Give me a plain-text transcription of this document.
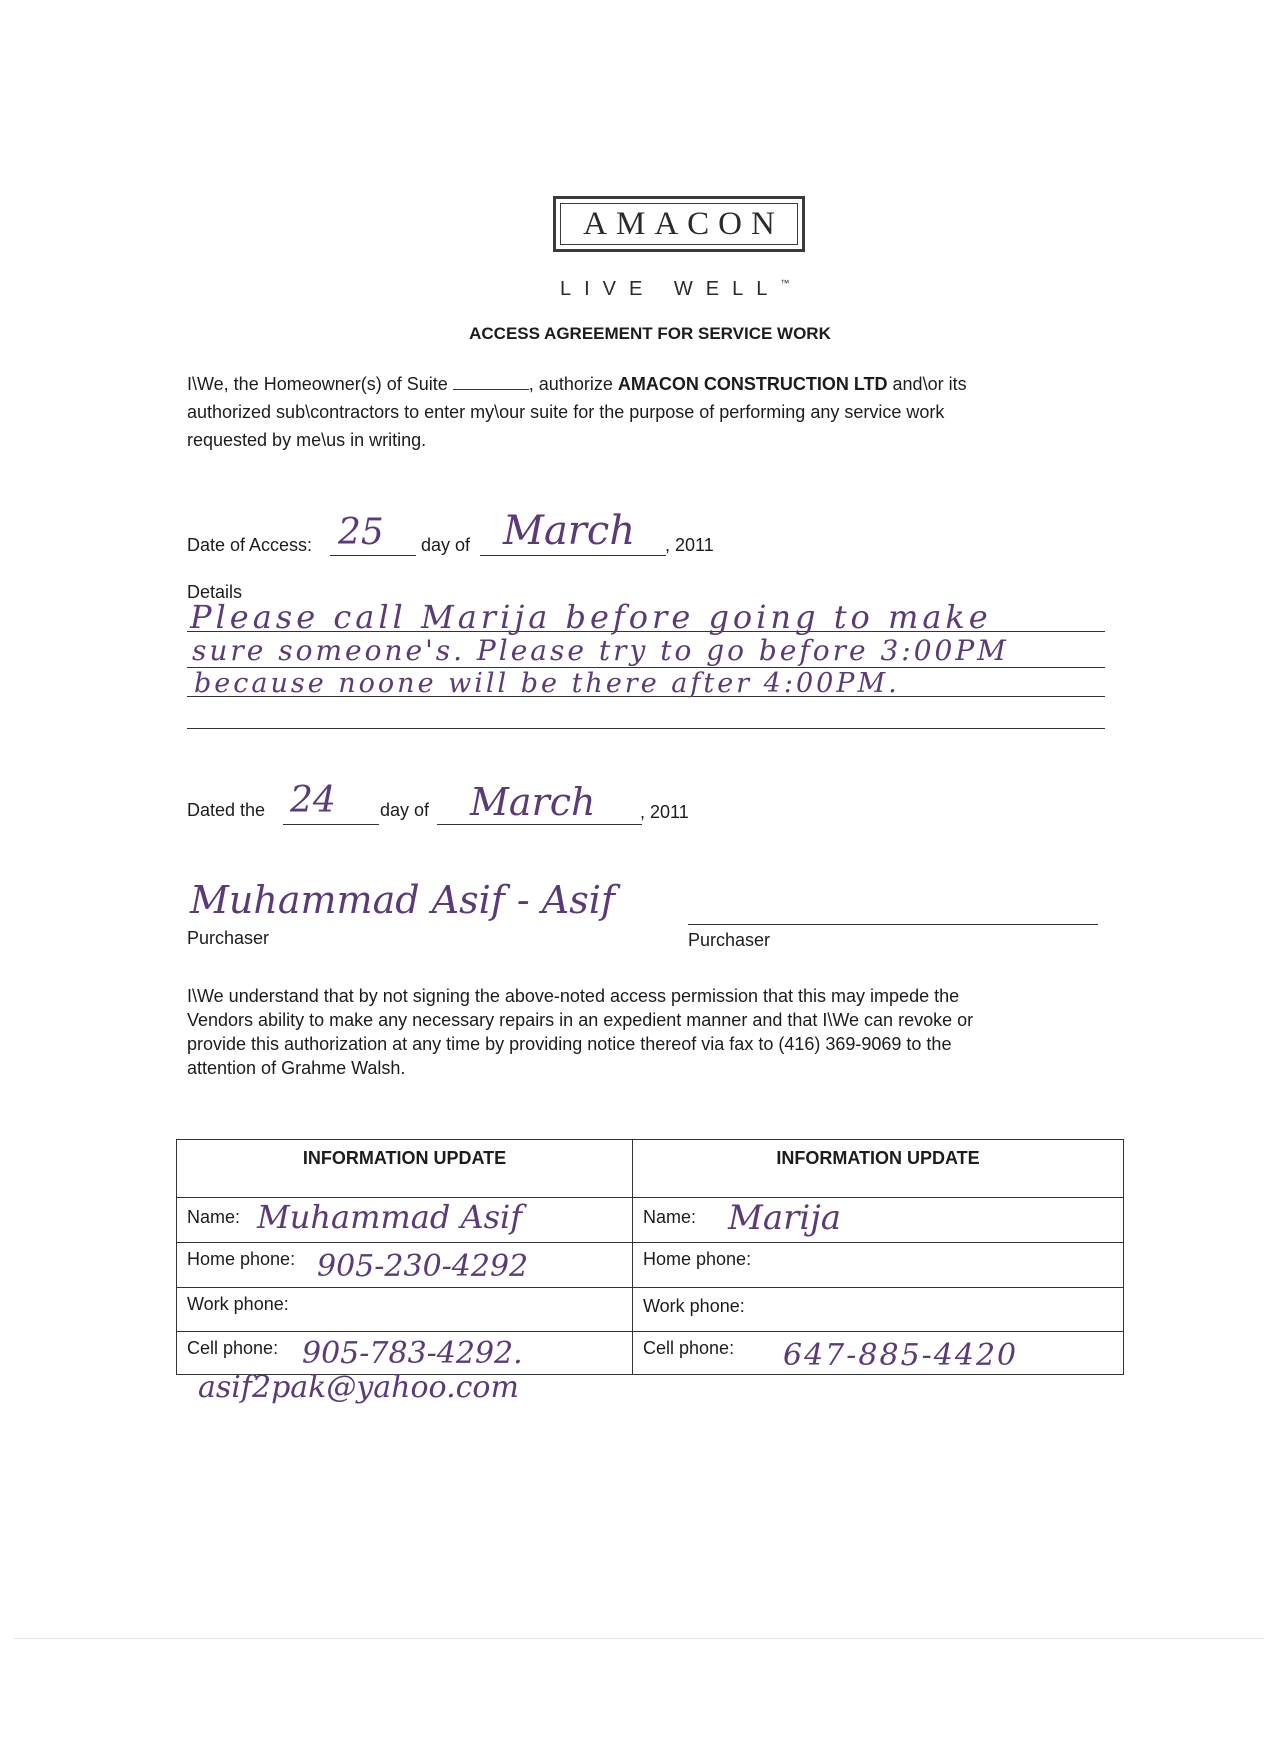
AMACON
LIVE WELL™
ACCESS AGREEMENT FOR SERVICE WORK
I\We, the Homeowner(s) of Suite	, authorize AMACON CONSTRUCTION LTD and\or its
authorized sub\contractors to enter my\our suite for the purpose of performing any service work
requested by me\us in writing.
Date of Access: 25 day of March , 2011
Details
Please call Marija before going to make
sure someone's. Please try to go before 3:00PM
because noone will be there after 4:00PM.
Dated the 24 day of March , 2011
Muhammad Asif - Asif
Purchaser	Purchaser
I\We understand that by not signing the above-noted access permission that this may impede the
Vendors ability to make any necessary repairs in an expedient manner and that I\We can revoke or
provide this authorization at any time by providing notice thereof via fax to (416) 369-9069 to the
attention of Grahme Walsh.
INFORMATION UPDATE	INFORMATION UPDATE

Name: Muhammad Asif	Name: Marija

Home phone: 905-230-4292	Home phone:

Work phone:	Work phone:

Cell phone: 905-783-4292.	Cell phone: 647-885-4420
asif2pak@yahoo.com
